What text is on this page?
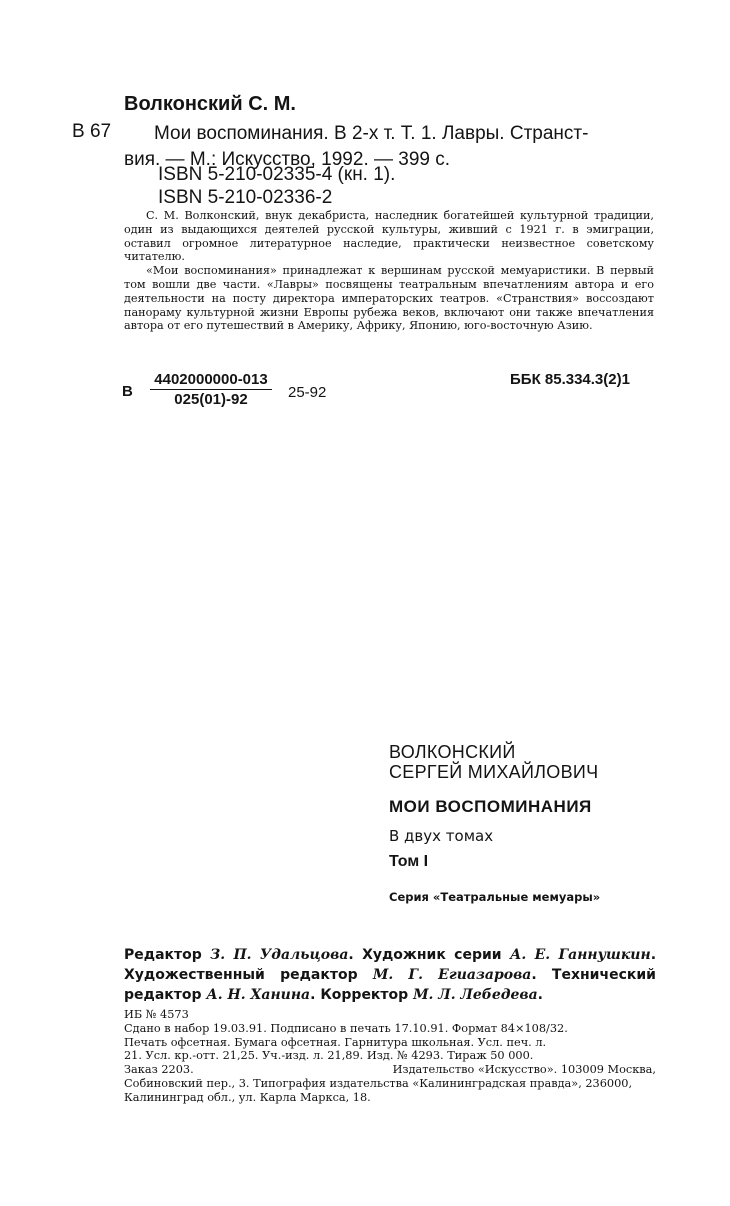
Волконский С. М.
В 67	Мои воспоминания. В 2-х т. Т. 1. Лавры. Странст-
вия. — М.: Искусство, 1992. — 399 с.
ISBN 5-210-02335-4 (кн. 1).
ISBN 5-210-02336-2

С. М. Волконский, внук декабриста, наследник богатейшей культурной традиции, один из выдающихся деятелей русской культуры, живший с 1921 г. в эмиграции, оставил огромное литературное наследие, практически неизвестное советскому читателю.

«Мои воспоминания» принадлежат к вершинам русской мемуаристики. В первый том вошли две части. «Лавры» посвящены театральным впечатлениям автора и его деятельности на посту директора императорских театров. «Странствия» воссоздают панораму культурной жизни Европы рубежа веков, включают они также впечатления автора от его путешествий в Америку, Африку, Японию, юго-восточную Азию.

В $\frac{4402000000-013}{025(01)-92} 25-92$
ББК 85.334.3(2)1
ВОЛКОНСКИЙ
СЕРГЕЙ МИХАЙЛОВИЧ
МОИ ВОСПОМИНАНИЯ
В двух томах
Том I
Серия «Театральные мемуары»
Редактор З. П. Удальцова. Художник серии А. Е. Ганнушкин. Художественный редактор М. Г. Егиазарова. Технический редактор А. Н. Ханина. Корректор М. Л. Лебедева.
ИБ № 4573
Сдано в набор 19.03.91. Подписано в печать 17.10.91. Формат 84×108/32.
Печать офсетная. Бумага офсетная. Гарнитура школьная. Усл. печ. л.
21. Усл. кр.-отт. 21,25. Уч.-изд. л. 21,89. Изд. № 4293. Тираж 50 000.
Заказ 2203.	Издательство «Искусство». 103009 Москва,
Собиновский пер., 3. Типография издательства «Калининградская правда», 236000, Калининград обл., ул. Карла Маркса, 18.
